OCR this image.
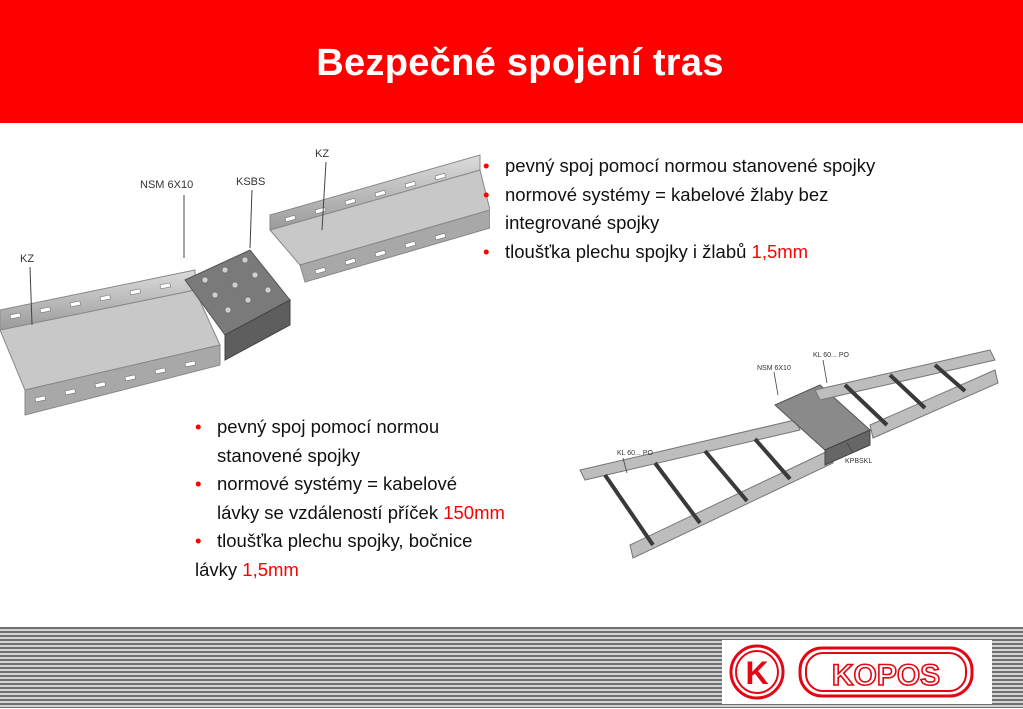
Bezpečné spojení tras
KZ
NSM 6X10	KSBS
KZ
NSM 6X10
KL 60... PO
KL 60... PO
KPBSKL
• pevný spoj pomocí normou stanovené spojky
• normové systémy = kabelové žlaby bez
integrované spojky
• tloušťka plechu spojky i žlabů 1,5mm
• pevný spoj pomocí normou
stanovené spojky
• normové systémy = kabelové
lávky se vzdáleností příček 150mm
• tloušťka plechu spojky, bočnice
lávky 1,5mm
K KOPOS
